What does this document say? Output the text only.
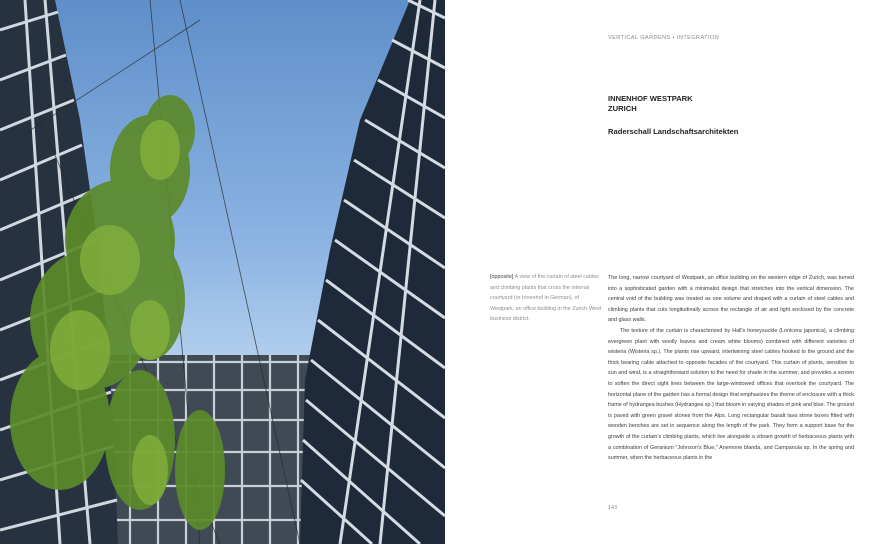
VERTICAL GARDENS • INTEGRATION
INNENHOF WESTPARK
ZURICH
Raderschall Landschaftsarchitekten
[opposite] A view of the curtain of steel cables and climbing plants that cross the internal courtyard (or Innenhof in German), of Westpark, an office building in the Zurich-West business district.

The long, narrow courtyard of Westpark, an office building on the western edge of Zurich, was turned into a sophisticated garden with a minimalist design that stretches into the vertical dimension. The central void of the building was treated as one volume and draped with a curtain of steel cables and climbing plants that cuts longitudinally across the rectangle of air and light enclosed by the concrete and glass walls.

The texture of the curtain is characterized by Hall's honeysuckle (Lonicera japonica), a climbing evergreen plant with woolly leaves and cream white blooms) combined with different varieties of wisteria (Wisteria sp.). The plants rise upward, intertwining steel cables hooked to the ground and the thick bearing cable attached to opposite facades of the courtyard. This curtain of plants, sensitive to sun and wind, is a straightforward solution to the need for shade in the summer, and provides a screen to soften the direct sight lines between the large-windowed offices that overlook the courtyard. The horizontal plane of the garden has a formal design that emphasizes the theme of enclosure with a thick frame of hydrangea bushes (Hydrangea sp.) that bloom in varying shades of pink and blue. The ground is paved with green gravel stones from the Alps. Long rectangular basalt lava stone boxes fitted with wooden benches are set in sequence along the length of the park. They form a support base for the growth of the curtain's climbing plants, which live alongside a vibrant growth of herbaceous plants with a combination of Geranium "Johnson's Blue," Anemone blanda, and Campanula sp. In the spring and summer, when the herbaceous plants in the

143
